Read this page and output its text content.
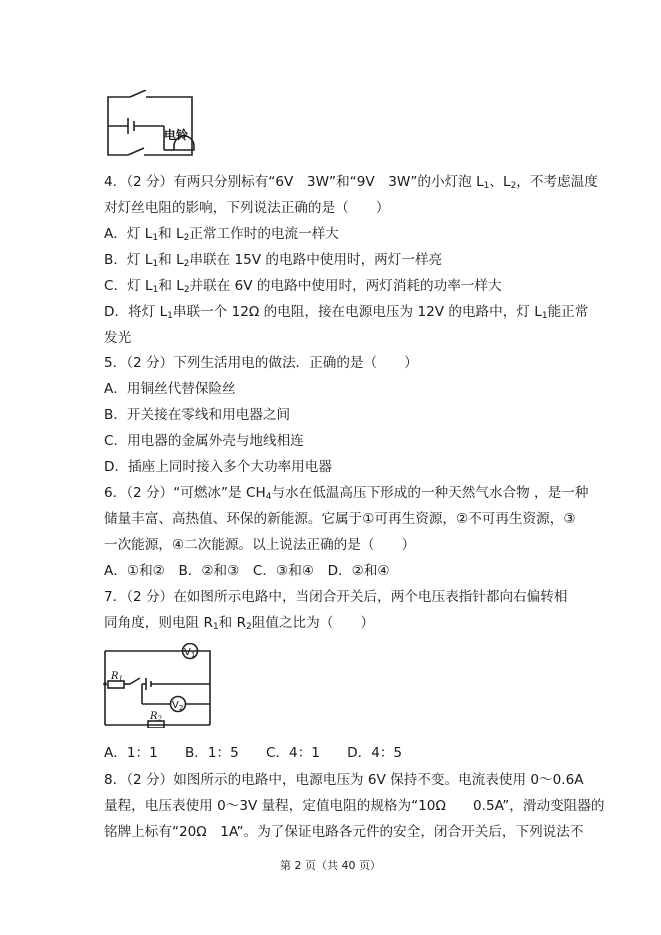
电铃
4．（2 分）有两只分别标有“6V　3W”和“9V　3W”的小灯泡 $L_1$、$L_2$，不考虑温度
对灯丝电阻的影响，下列说法正确的是（　　）
A．灯 $L_1$和 $L_2$正常工作时的电流一样大
B．灯 $L_1$和 $L_2$串联在 15V 的电路中使用时，两灯一样亮
C．灯 $L_1$和 $L_2$并联在 6V 的电路中使用时，两灯消耗的功率一样大
D．将灯 $L_1$串联一个 12Ω 的电阻，接在电源电压为 12V 的电路中，灯 $L_1$能正常
发光
5．（2 分）下列生活用电的做法．正确的是（　　）
A．用铜丝代替保险丝
B．开关接在零线和用电器之间
C．用电器的金属外壳与地线相连
D．插座上同时接入多个大功率用电器
6．（2 分）“可燃冰”是 $CH_4$与水在低温高压下形成的一种天然气水合物 ，是一种
储量丰富、高热值、环保的新能源。它属于①可再生资源，②不可再生资源，③
一次能源，④二次能源。以上说法正确的是（　　）
A．①和②　B．②和③　C．③和④　D．②和④
7．（2 分）在如图所示电路中，当闭合开关后，两个电压表指针都向右偏转相
同角度，则电阻 $R_1$和 $R_2$阻值之比为（　　）
$V_1$
$V_2$
$R_1$
$R_2$
A．1：1　　B．1：5　　C．4：1　　D．4：5
8．（2 分）如图所示的电路中，电源电压为 6V 保持不变。电流表使用 0～0.6A
量程，电压表使用 0～3V 量程，定值电阻的规格为“10Ω　　0.5A”，滑动变阻器的
铭牌上标有“20Ω　1A”。为了保证电路各元件的安全，闭合开关后，下列说法不
第 2 页（共 40 页）
